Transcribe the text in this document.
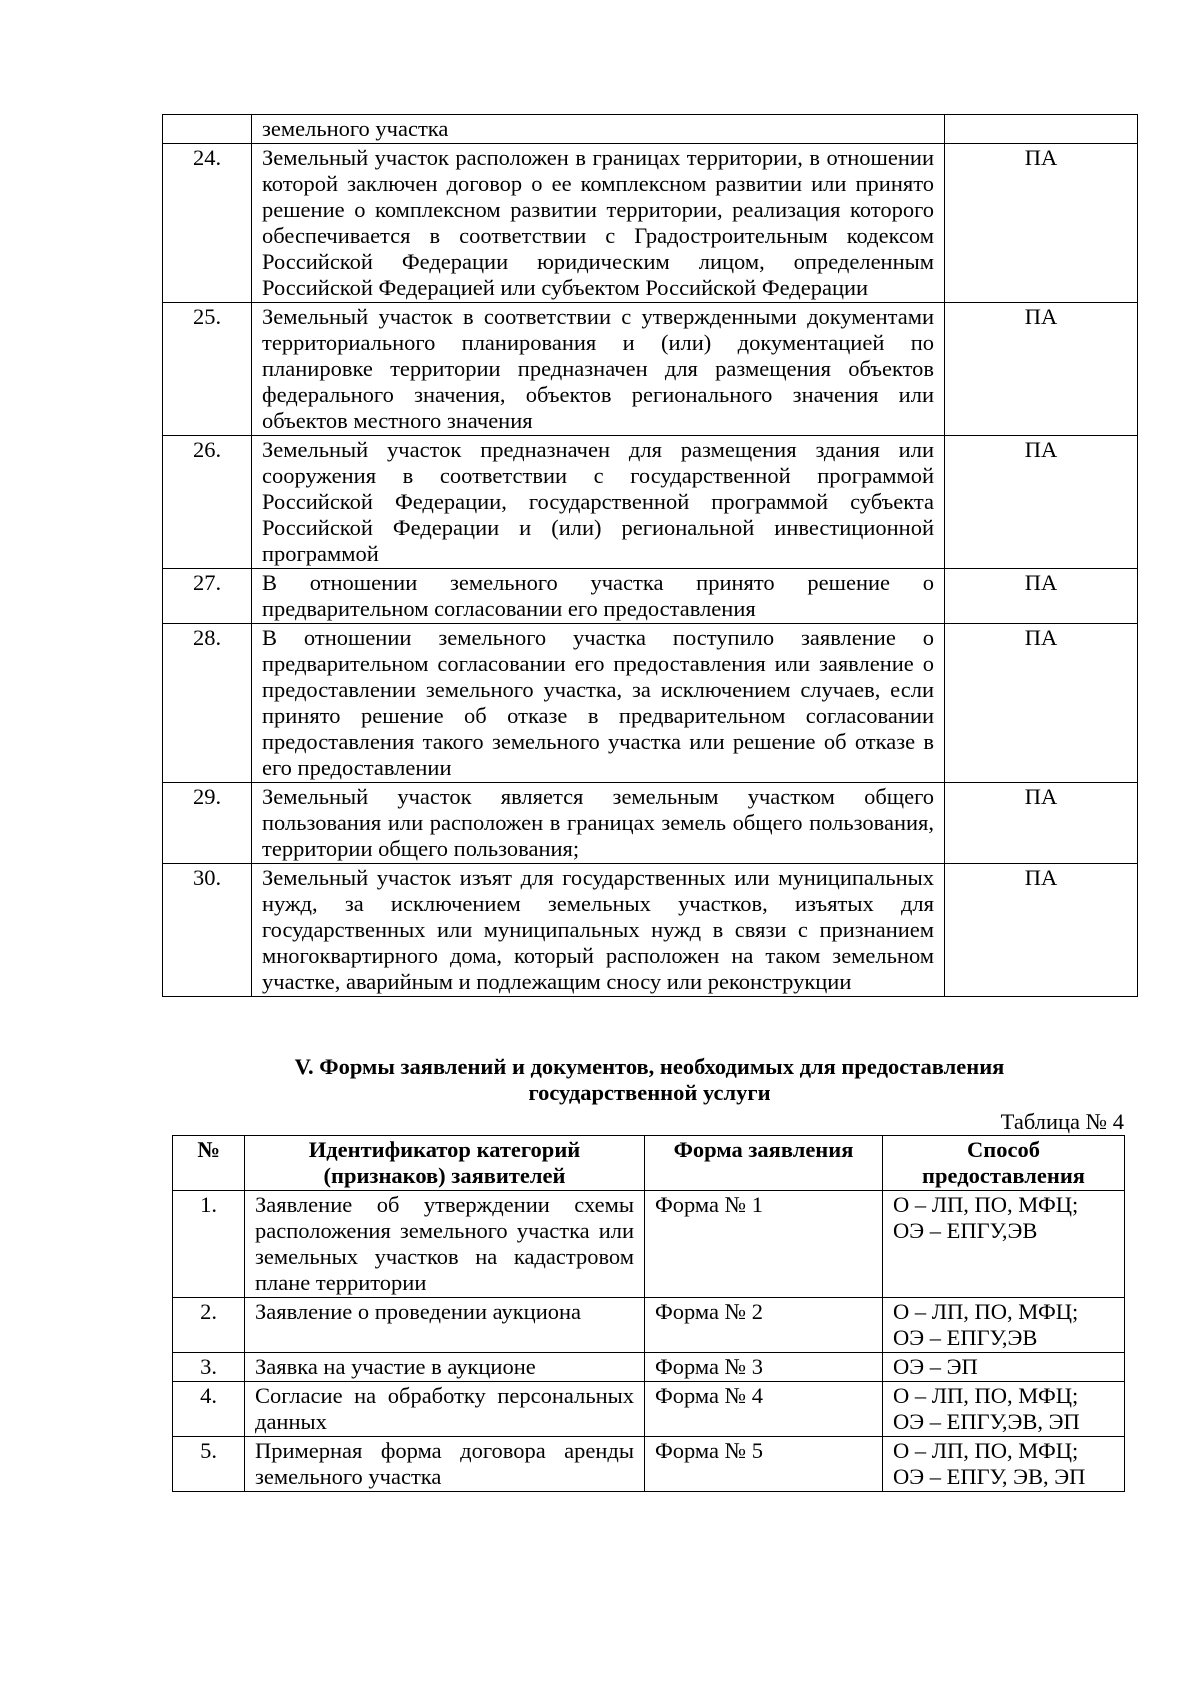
	земельного участка	
24.	Земельный участок расположен в границах территории, в отношении которой заключен договор о ее комплексном развитии или принято решение о комплексном развитии территории, реализация которого обеспечивается в соответствии с Градостроительным кодексом Российской Федерации юридическим лицом, определенным Российской Федерацией или субъектом Российской Федерации	ПА
25.	Земельный участок в соответствии с утвержденными документами территориального планирования и (или) документацией по планировке территории предназначен для размещения объектов федерального значения, объектов регионального значения или объектов местного значения	ПА
26.	Земельный участок предназначен для размещения здания или сооружения в соответствии с государственной программой Российской Федерации, государственной программой субъекта Российской Федерации и (или) региональной инвестиционной программой	ПА
27.	В отношении земельного участка принято решение о предварительном согласовании его предоставления	ПА
28.	В отношении земельного участка поступило заявление о предварительном согласовании его предоставления или заявление о предоставлении земельного участка, за исключением случаев, если принято решение об отказе в предварительном согласовании предоставления такого земельного участка или решение об отказе в его предоставлении	ПА
29.	Земельный участок является земельным участком общего пользования или расположен в границах земель общего пользования, территории общего пользования;	ПА
30.	Земельный участок изъят для государственных или муниципальных нужд, за исключением земельных участков, изъятых для государственных или муниципальных нужд в связи с признанием многоквартирного дома, который расположен на таком земельном участке, аварийным и подлежащим сносу или реконструкции	ПА
V. Формы заявлений и документов, необходимых для предоставления
государственной услуги
Таблица № 4
№	Идентификатор категорий (признаков) заявителей	Форма заявления	Способ предоставления
1.	Заявление об утверждении схемы расположения земельного участка или земельных участков на кадастровом плане территории	Форма № 1	О – ЛП, ПО, МФЦ;
ОЭ – ЕПГУ,ЭВ

2.	Заявление о проведении аукциона	Форма № 2	О – ЛП, ПО, МФЦ;
ОЭ – ЕПГУ,ЭВ

3.	Заявка на участие в аукционе	Форма № 3	ОЭ – ЭП

4.	Согласие на обработку персональных данных	Форма № 4	О – ЛП, ПО, МФЦ;
ОЭ – ЕПГУ,ЭВ, ЭП

5.	Примерная форма договора аренды земельного участка	Форма № 5	О – ЛП, ПО, МФЦ;
ОЭ – ЕПГУ, ЭВ, ЭП
